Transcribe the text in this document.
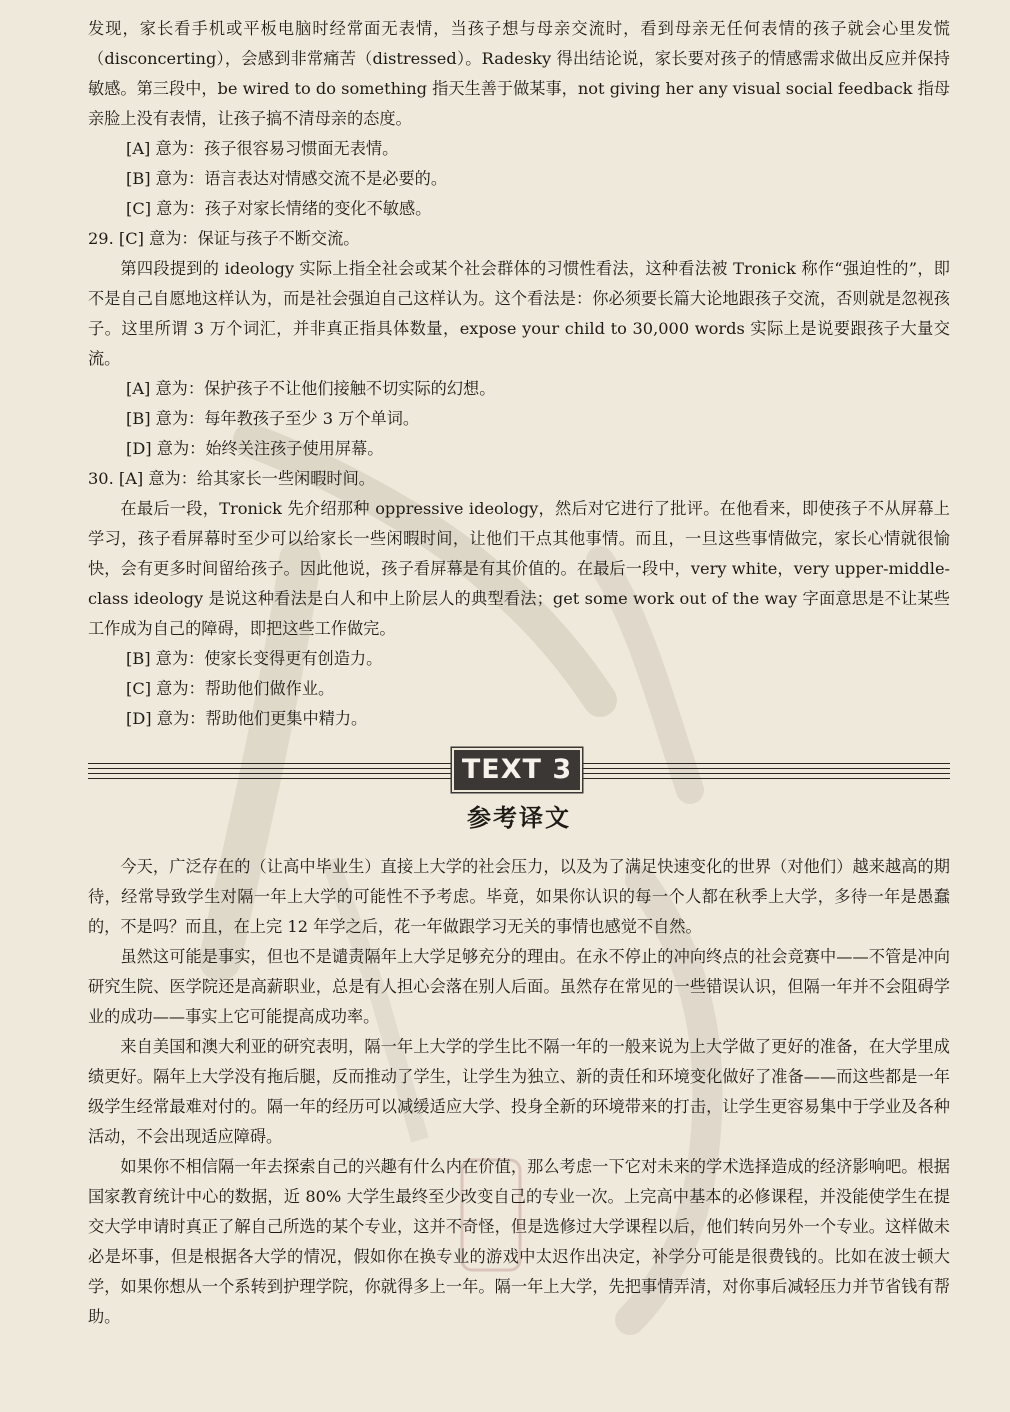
发现，家长看手机或平板电脑时经常面无表情，当孩子想与母亲交流时，看到母亲无任何表情的孩子就会心里发慌（disconcerting），会感到非常痛苦（distressed）。Radesky 得出结论说，家长要对孩子的情感需求做出反应并保持敏感。第三段中，be wired to do something 指天生善于做某事，not giving her any visual social feedback 指母亲脸上没有表情，让孩子搞不清母亲的态度。

[A] 意为：孩子很容易习惯面无表情。

[B] 意为：语言表达对情感交流不是必要的。

[C] 意为：孩子对家长情绪的变化不敏感。

29. [C] 意为：保证与孩子不断交流。

第四段提到的 ideology 实际上指全社会或某个社会群体的习惯性看法，这种看法被 Tronick 称作“强迫性的”，即不是自己自愿地这样认为，而是社会强迫自己这样认为。这个看法是：你必须要长篇大论地跟孩子交流，否则就是忽视孩子。这里所谓 3 万个词汇，并非真正指具体数量，expose your child to 30,000 words 实际上是说要跟孩子大量交流。

[A] 意为：保护孩子不让他们接触不切实际的幻想。

[B] 意为：每年教孩子至少 3 万个单词。

[D] 意为：始终关注孩子使用屏幕。

30. [A] 意为：给其家长一些闲暇时间。

在最后一段，Tronick 先介绍那种 oppressive ideology，然后对它进行了批评。在他看来，即使孩子不从屏幕上学习，孩子看屏幕时至少可以给家长一些闲暇时间，让他们干点其他事情。而且，一旦这些事情做完，家长心情就很愉快，会有更多时间留给孩子。因此他说，孩子看屏幕是有其价值的。在最后一段中，very white，very upper-middle-class ideology 是说这种看法是白人和中上阶层人的典型看法；get some work out of the way 字面意思是不让某些工作成为自己的障碍，即把这些工作做完。

[B] 意为：使家长变得更有创造力。

[C] 意为：帮助他们做作业。

[D] 意为：帮助他们更集中精力。

TEXT 3
参考译文

今天，广泛存在的（让高中毕业生）直接上大学的社会压力，以及为了满足快速变化的世界（对他们）越来越高的期待，经常导致学生对隔一年上大学的可能性不予考虑。毕竟，如果你认识的每一个人都在秋季上大学，多待一年是愚蠢的，不是吗？而且，在上完 12 年学之后，花一年做跟学习无关的事情也感觉不自然。

虽然这可能是事实，但也不是谴责隔年上大学足够充分的理由。在永不停止的冲向终点的社会竞赛中——不管是冲向研究生院、医学院还是高薪职业，总是有人担心会落在别人后面。虽然存在常见的一些错误认识，但隔一年并不会阻碍学业的成功——事实上它可能提高成功率。

来自美国和澳大利亚的研究表明，隔一年上大学的学生比不隔一年的一般来说为上大学做了更好的准备，在大学里成绩更好。隔年上大学没有拖后腿，反而推动了学生，让学生为独立、新的责任和环境变化做好了准备——而这些都是一年级学生经常最难对付的。隔一年的经历可以减缓适应大学、投身全新的环境带来的打击，让学生更容易集中于学业及各种活动，不会出现适应障碍。

如果你不相信隔一年去探索自己的兴趣有什么内在价值，那么考虑一下它对未来的学术选择造成的经济影响吧。根据国家教育统计中心的数据，近 80% 大学生最终至少改变自己的专业一次。上完高中基本的必修课程，并没能使学生在提交大学申请时真正了解自己所选的某个专业，这并不奇怪，但是选修过大学课程以后，他们转向另外一个专业。这样做未必是坏事，但是根据各大学的情况，假如你在换专业的游戏中太迟作出决定，补学分可能是很费钱的。比如在波士顿大学，如果你想从一个系转到护理学院，你就得多上一年。隔一年上大学，先把事情弄清，对你事后减轻压力并节省钱有帮助。
